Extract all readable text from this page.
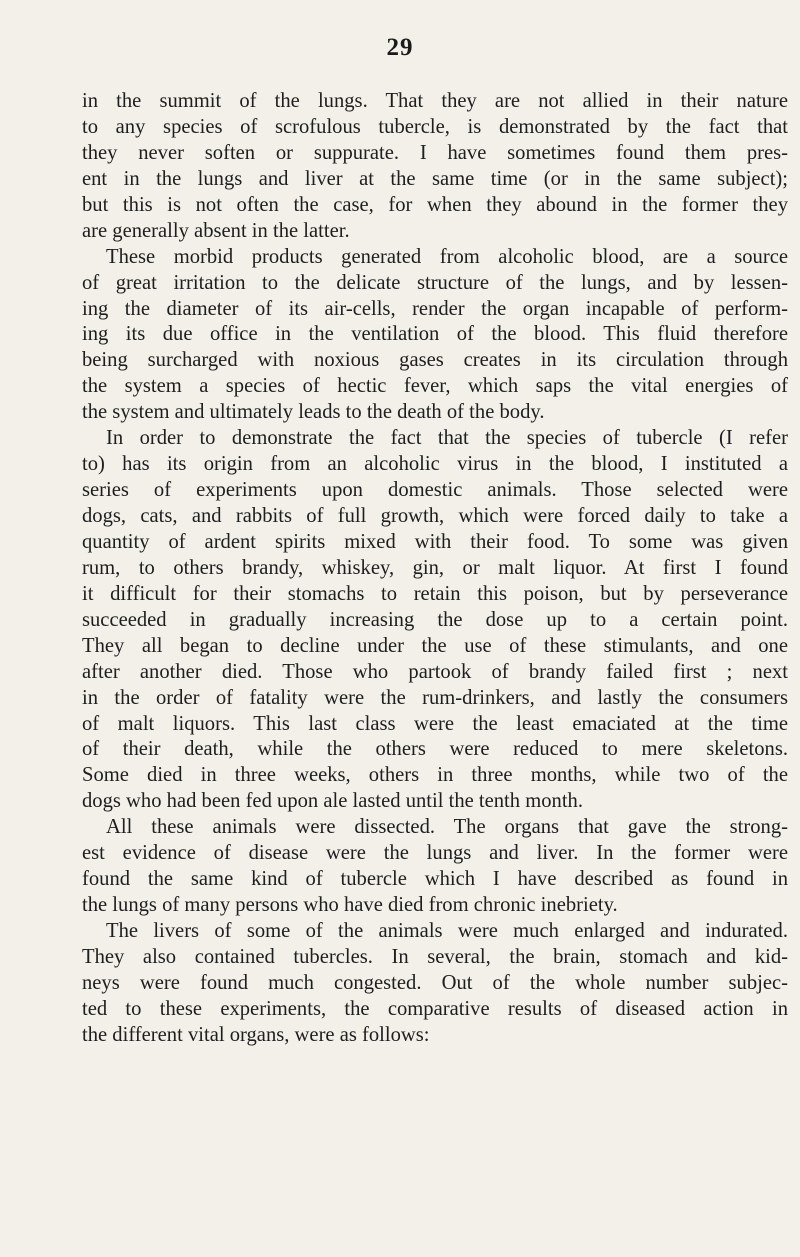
29
in the summit of the lungs. That they are not allied in their nature
to any species of scrofulous tubercle, is demonstrated by the fact that
they never soften or suppurate. I have sometimes found them pres-
ent in the lungs and liver at the same time (or in the same subject);
but this is not often the case, for when they abound in the former they
are generally absent in the latter.
These morbid products generated from alcoholic blood, are a source
of great irritation to the delicate structure of the lungs, and by lessen-
ing the diameter of its air-cells, render the organ incapable of perform-
ing its due office in the ventilation of the blood. This fluid therefore
being surcharged with noxious gases creates in its circulation through
the system a species of hectic fever, which saps the vital energies of
the system and ultimately leads to the death of the body.
In order to demonstrate the fact that the species of tubercle (I refer
to) has its origin from an alcoholic virus in the blood, I instituted a
series of experiments upon domestic animals. Those selected were
dogs, cats, and rabbits of full growth, which were forced daily to take a
quantity of ardent spirits mixed with their food. To some was given
rum, to others brandy, whiskey, gin, or malt liquor. At first I found
it difficult for their stomachs to retain this poison, but by perseverance
succeeded in gradually increasing the dose up to a certain point.
They all began to decline under the use of these stimulants, and one
after another died. Those who partook of brandy failed first ; next
in the order of fatality were the rum-drinkers, and lastly the consumers
of malt liquors. This last class were the least emaciated at the time
of their death, while the others were reduced to mere skeletons.
Some died in three weeks, others in three months, while two of the
dogs who had been fed upon ale lasted until the tenth month.
All these animals were dissected. The organs that gave the strong-
est evidence of disease were the lungs and liver. In the former were
found the same kind of tubercle which I have described as found in
the lungs of many persons who have died from chronic inebriety.
The livers of some of the animals were much enlarged and indurated.
They also contained tubercles. In several, the brain, stomach and kid-
neys were found much congested. Out of the whole number subjec-
ted to these experiments, the comparative results of diseased action in
the different vital organs, were as follows:
